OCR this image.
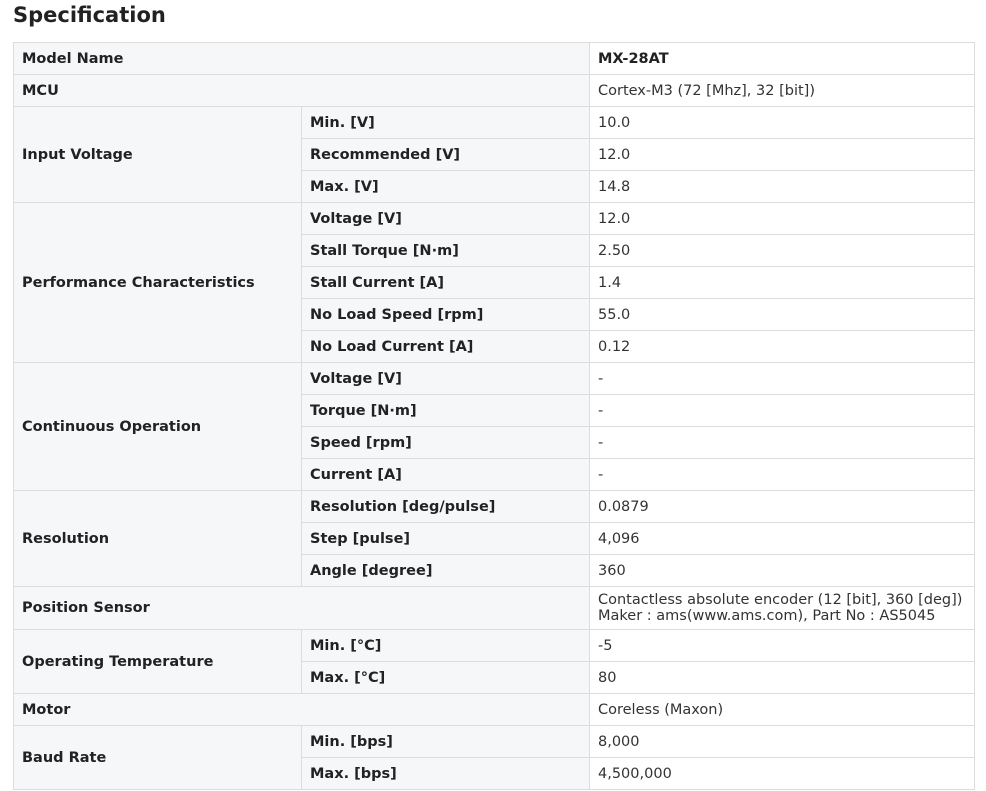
Specification
Model Name		MX-28AT
MCU		Cortex-M3 (72 [Mhz], 32 [bit])
Input Voltage	Min. [V]	10.0
	Recommended [V]	12.0
	Max. [V]	14.8
Performance Characteristics	Voltage [V]	12.0
	Stall Torque [N·m]	2.50
	Stall Current [A]	1.4
	No Load Speed [rpm]	55.0
	No Load Current [A]	0.12
Continuous Operation	Voltage [V]	-
	Torque [N·m]	-
	Speed [rpm]	-
	Current [A]	-
Resolution	Resolution [deg/pulse]	0.0879
	Step [pulse]	4,096
	Angle [degree]	360
Position Sensor		Contactless absolute encoder (12 [bit], 360 [deg])
Maker : ams(www.ams.com), Part No : AS5045

Operating Temperature	Min. [°C]	-5
	Max. [°C]	80
Motor		Coreless (Maxon)
Baud Rate	Min. [bps]	8,000
	Max. [bps]	4,500,000
